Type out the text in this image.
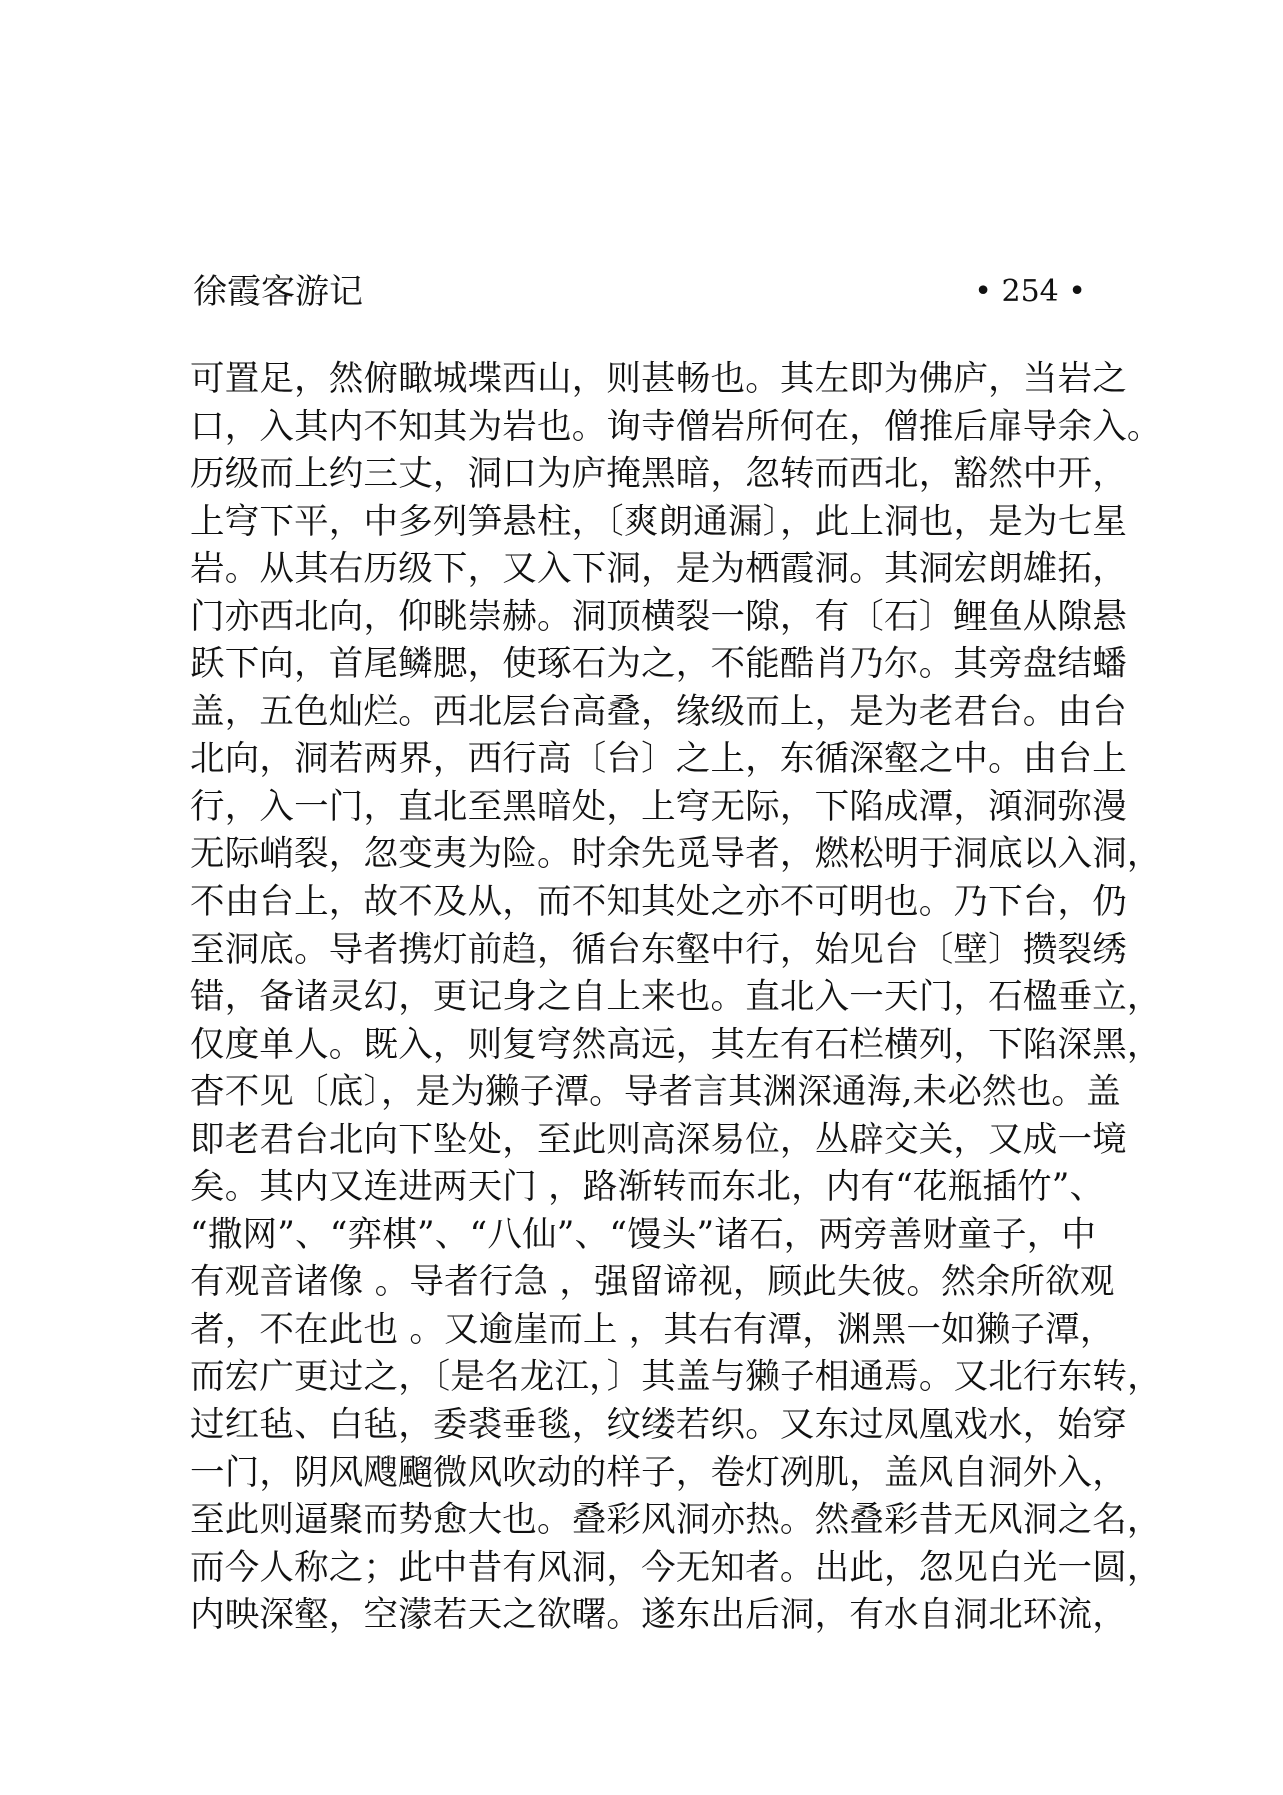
徐霞客游记	• 254 •
可置足，然俯瞰城堞西山，则甚畅也。其左即为佛庐，当岩之
口，入其内不知其为岩也。询寺僧岩所何在，僧推后扉导余入。
历级而上约三丈，洞口为庐掩黑暗，忽转而西北，豁然中开，
上穹下平，中多列笋悬柱，〔爽朗通漏〕，此上洞也，是为七星
岩。从其右历级下，又入下洞，是为栖霞洞。其洞宏朗雄拓，
门亦西北向，仰眺崇赫。洞顶横裂一隙，有〔石〕鲤鱼从隙悬
跃下向，首尾鳞腮，使琢石为之，不能酷肖乃尔。其旁盘结蟠
盖，五色灿烂。西北层台高叠，缘级而上，是为老君台。由台
北向，洞若两界，西行高〔台〕之上，东循深壑之中。由台上
行，入一门，直北至黑暗处，上穹无际，下陷成潭，澒洞弥漫
无际峭裂，忽变夷为险。时余先觅导者，燃松明于洞底以入洞，
不由台上，故不及从，而不知其处之亦不可明也。乃下台，仍
至洞底。导者携灯前趋，循台东壑中行，始见台〔壁〕攒裂绣
错，备诸灵幻，更记身之自上来也。直北入一天门，石楹垂立，
仅度单人。既入，则复穹然高远，其左有石栏横列，下陷深黑，
杳不见〔底〕，是为獭子潭。导者言其渊深通海,未必然也。盖
即老君台北向下坠处，至此则高深易位，丛辟交关，又成一境
矣。其内又连进两天门 ，路渐转而东北，内有“花瓶插竹”、
“撒网”、“弈棋”、“八仙”、“馒头”诸石，两旁善财童子，中
有观音诸像 。导者行急 ，强留谛视，顾此失彼。然余所欲观
者，不在此也 。又逾崖而上 ，其右有潭，渊黑一如獭子潭，
而宏广更过之，〔是名龙江，〕其盖与獭子相通焉。又北行东转，
过红毡、白毡，委裘垂毯，纹缕若织。又东过凤凰戏水，始穿
一门，阴风飕飀微风吹动的样子，卷灯冽肌，盖风自洞外入，
至此则逼聚而势愈大也。叠彩风洞亦热。然叠彩昔无风洞之名，
而今人称之；此中昔有风洞，今无知者。出此，忽见白光一圆，
内映深壑，空濛若天之欲曙。遂东出后洞，有水自洞北环流，
